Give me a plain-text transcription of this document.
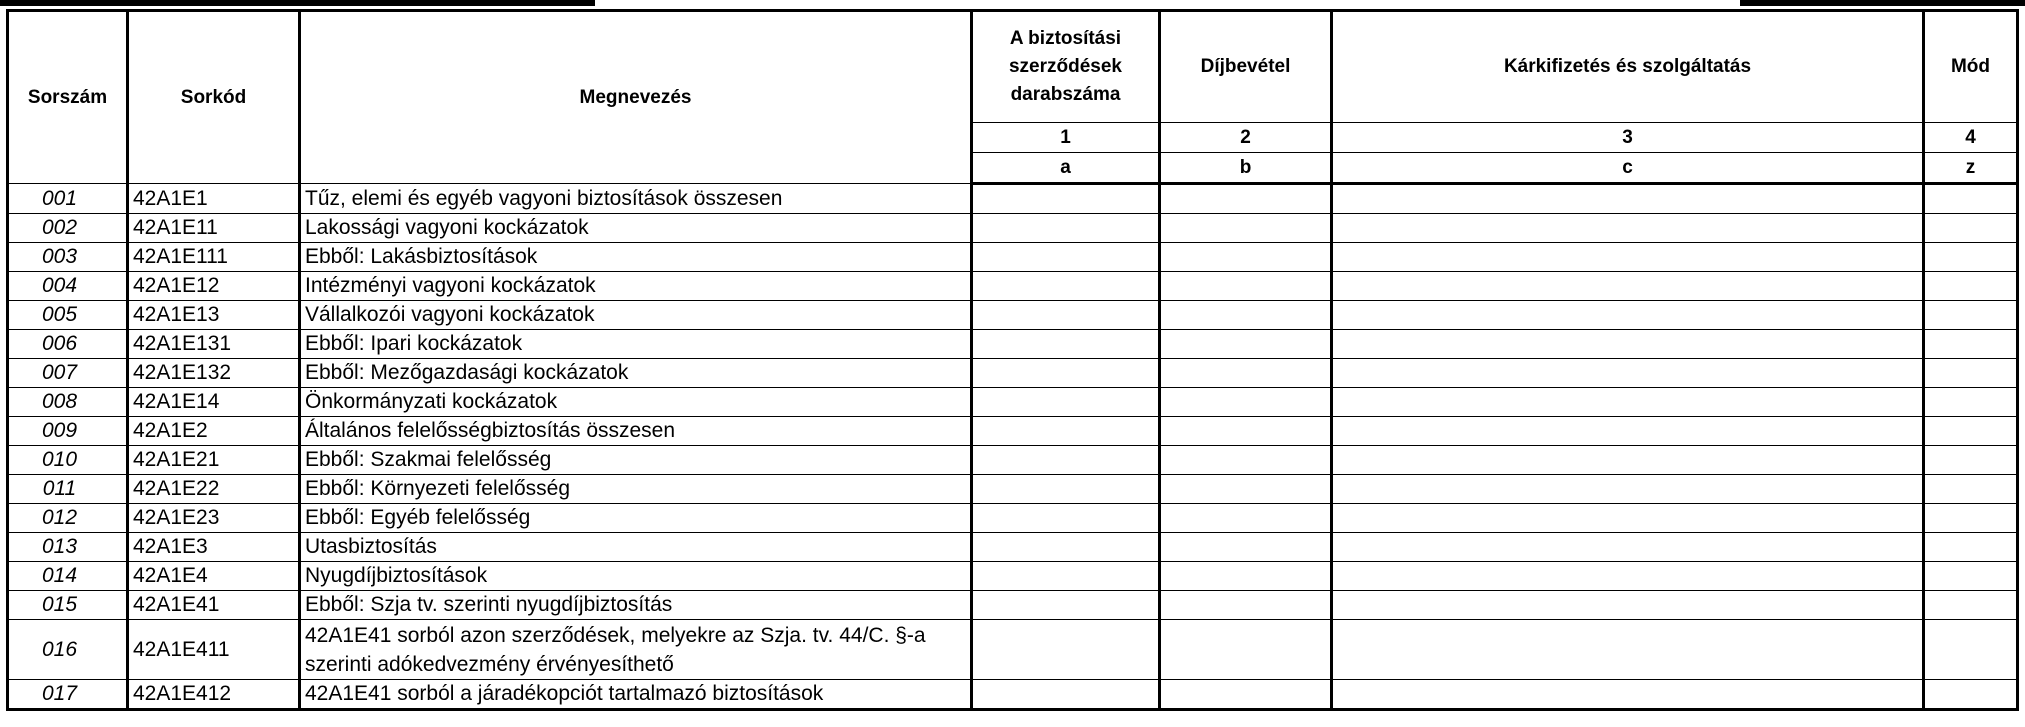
Sorszám	Sorkód	Megnevezés	A biztosítási szerződések darabszáma	Díjbevétel	Kárkifizetés és szolgáltatás	Mód
			1	2	3	4
			a	b	c	z
001	42A1E1	Tűz, elemi és egyéb vagyoni biztosítások összesen				
002	42A1E11	Lakossági vagyoni kockázatok				
003	42A1E111	Ebből: Lakásbiztosítások				
004	42A1E12	Intézményi vagyoni kockázatok				
005	42A1E13	Vállalkozói vagyoni kockázatok				
006	42A1E131	Ebből: Ipari kockázatok				
007	42A1E132	Ebből: Mezőgazdasági kockázatok				
008	42A1E14	Önkormányzati kockázatok				
009	42A1E2	Általános felelősségbiztosítás összesen				
010	42A1E21	Ebből: Szakmai felelősség				
011	42A1E22	Ebből: Környezeti felelősség				
012	42A1E23	Ebből: Egyéb felelősség				
013	42A1E3	Utasbiztosítás				
014	42A1E4	Nyugdíjbiztosítások				
015	42A1E41	Ebből: Szja tv. szerinti nyugdíjbiztosítás				
016	42A1E411	42A1E41 sorból azon szerződések, melyekre az Szja. tv. 44/C. §-a szerinti adókedvezmény érvényesíthető				
017	42A1E412	42A1E41 sorból a járadékopciót tartalmazó biztosítások				
